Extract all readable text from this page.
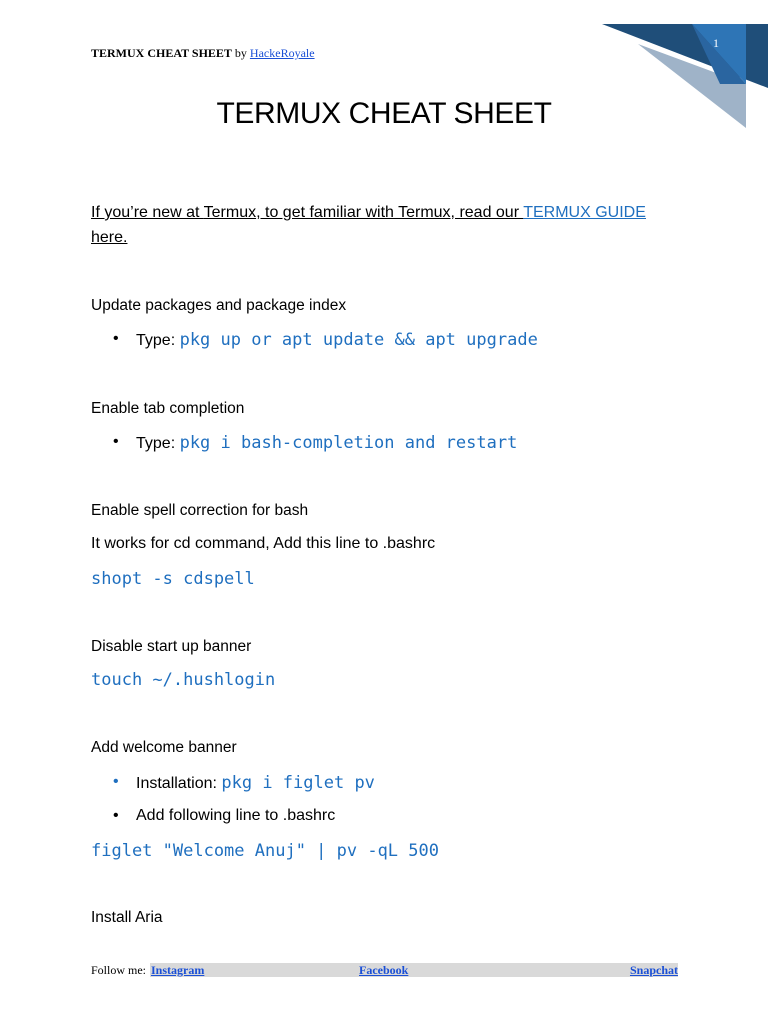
TERMUX CHEAT SHEET by HackeRoyale
1
TERMUX CHEAT SHEET
If you’re new at Termux, to get familiar with Termux, read our TERMUX GUIDE
here.
Update packages and package index
• Type: pkg up or apt update && apt upgrade
Enable tab completion
• Type: pkg i bash-completion and restart
Enable spell correction for bash
It works for cd command, Add this line to .bashrc
shopt -s cdspell
Disable start up banner
touch ~/.hushlogin
Add welcome banner
• Installation: pkg i figlet pv
• Add following line to .bashrc
figlet "Welcome Anuj" | pv -qL 500
Install Aria
Follow me: Instagram	Facebook	Snapchat
